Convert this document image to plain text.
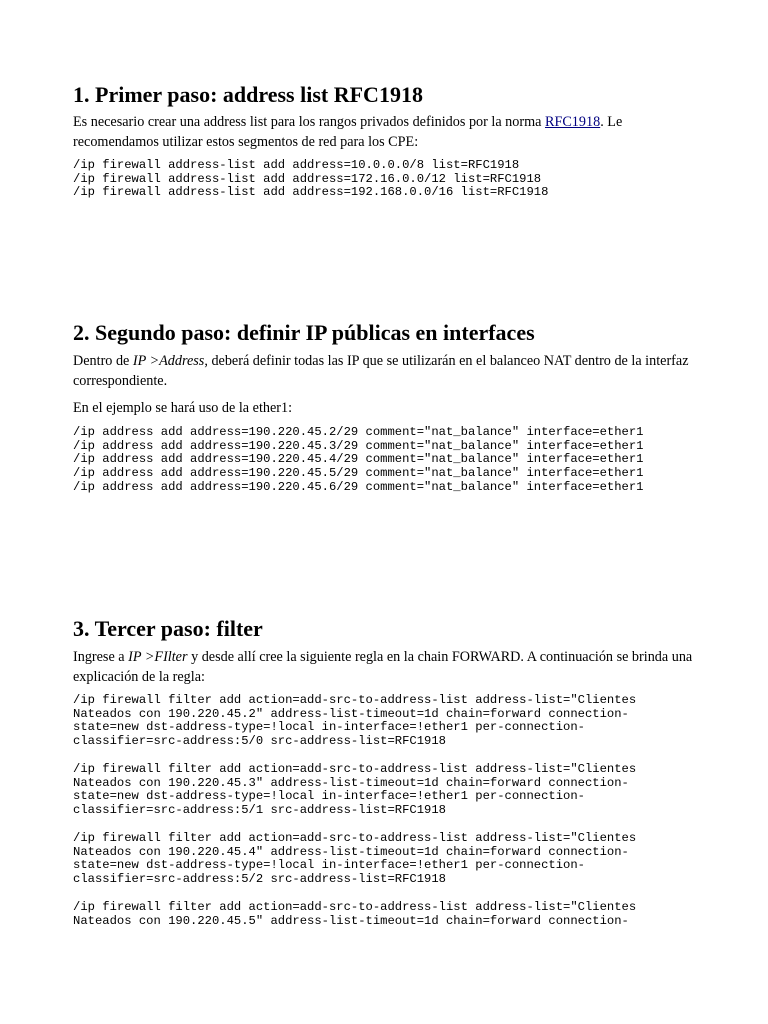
1. Primer paso: address list RFC1918

Es necesario crear una address list para los rangos privados definidos por la norma RFC1918. Le recomendamos utilizar estos segmentos de red para los CPE:

/ip firewall address-list add address=10.0.0.0/8 list=RFC1918
/ip firewall address-list add address=172.16.0.0/12 list=RFC1918
/ip firewall address-list add address=192.168.0.0/16 list=RFC1918
2. Segundo paso: definir IP públicas en interfaces

Dentro de IP >Address, deberá definir todas las IP que se utilizarán en el balanceo NAT dentro de la interfaz correspondiente.

En el ejemplo se hará uso de la ether1:

/ip address add address=190.220.45.2/29 comment="nat_balance" interface=ether1
/ip address add address=190.220.45.3/29 comment="nat_balance" interface=ether1
/ip address add address=190.220.45.4/29 comment="nat_balance" interface=ether1
/ip address add address=190.220.45.5/29 comment="nat_balance" interface=ether1
/ip address add address=190.220.45.6/29 comment="nat_balance" interface=ether1
3. Tercer paso: filter

Ingrese a IP >FIlter y desde allí cree la siguiente regla en la chain FORWARD. A continuación se brinda una explicación de la regla:

/ip firewall filter add action=add-src-to-address-list address-list="Clientes
Nateados con 190.220.45.2" address-list-timeout=1d chain=forward connection-
state=new dst-address-type=!local in-interface=!ether1 per-connection-
classifier=src-address:5/0 src-address-list=RFC1918
/ip firewall filter add action=add-src-to-address-list address-list="Clientes
Nateados con 190.220.45.3" address-list-timeout=1d chain=forward connection-
state=new dst-address-type=!local in-interface=!ether1 per-connection-
classifier=src-address:5/1 src-address-list=RFC1918
/ip firewall filter add action=add-src-to-address-list address-list="Clientes
Nateados con 190.220.45.4" address-list-timeout=1d chain=forward connection-
state=new dst-address-type=!local in-interface=!ether1 per-connection-
classifier=src-address:5/2 src-address-list=RFC1918
/ip firewall filter add action=add-src-to-address-list address-list="Clientes
Nateados con 190.220.45.5" address-list-timeout=1d chain=forward connection-
